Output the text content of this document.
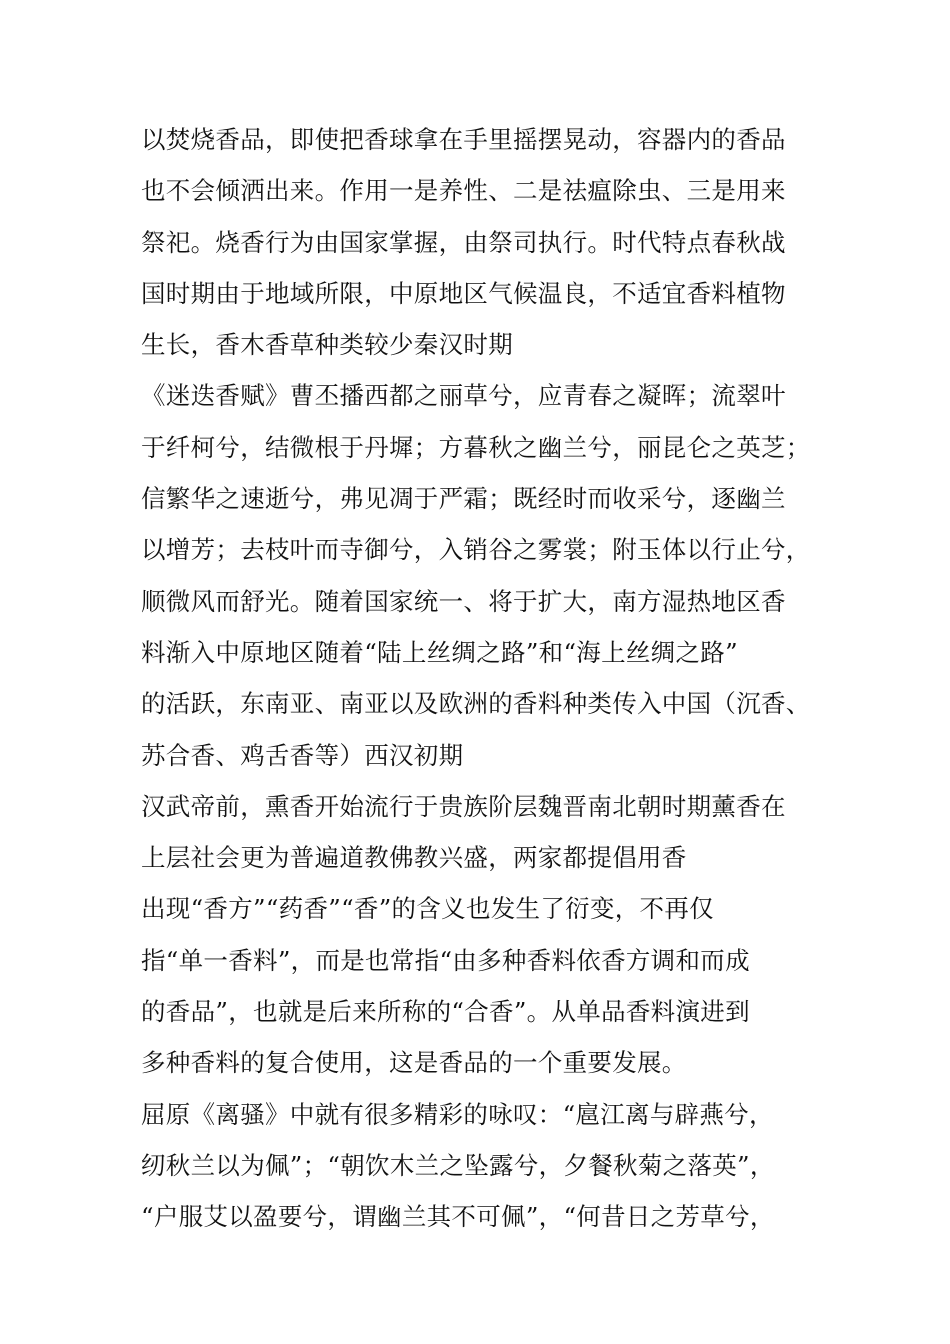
以焚烧香品，即使把香球拿在手里摇摆晃动，容器内的香品
也不会倾洒出来。作用一是养性、二是祛瘟除虫、三是用来
祭祀。烧香行为由国家掌握，由祭司执行。时代特点春秋战
国时期由于地域所限，中原地区气候温良，不适宜香料植物
生长，香木香草种类较少秦汉时期
《迷迭香赋》曹丕播西都之丽草兮，应青春之凝晖；流翠叶
于纤柯兮，结微根于丹墀；方暮秋之幽兰兮，丽昆仑之英芝；
信繁华之速逝兮，弗见凋于严霜；既经时而收采兮，逐幽兰
以增芳；去枝叶而寺御兮，入销谷之雾裳；附玉体以行止兮，
顺微风而舒光。随着国家统一、将于扩大，南方湿热地区香
料渐入中原地区随着“陆上丝绸之路”和“海上丝绸之路”
的活跃，东南亚、南亚以及欧洲的香料种类传入中国（沉香、
苏合香、鸡舌香等）西汉初期
汉武帝前，熏香开始流行于贵族阶层魏晋南北朝时期薰香在
上层社会更为普遍道教佛教兴盛，两家都提倡用香
出现“香方”“药香”“香”的含义也发生了衍变，不再仅
指“单一香料”，而是也常指“由多种香料依香方调和而成
的香品”，也就是后来所称的“合香”。从单品香料演进到
多种香料的复合使用，这是香品的一个重要发展。
屈原《离骚》中就有很多精彩的咏叹：“扈江离与辟燕兮，
纫秋兰以为佩”；“朝饮木兰之坠露兮，夕餐秋菊之落英”，
“户服艾以盈要兮，谓幽兰其不可佩”，“何昔日之芳草兮，
